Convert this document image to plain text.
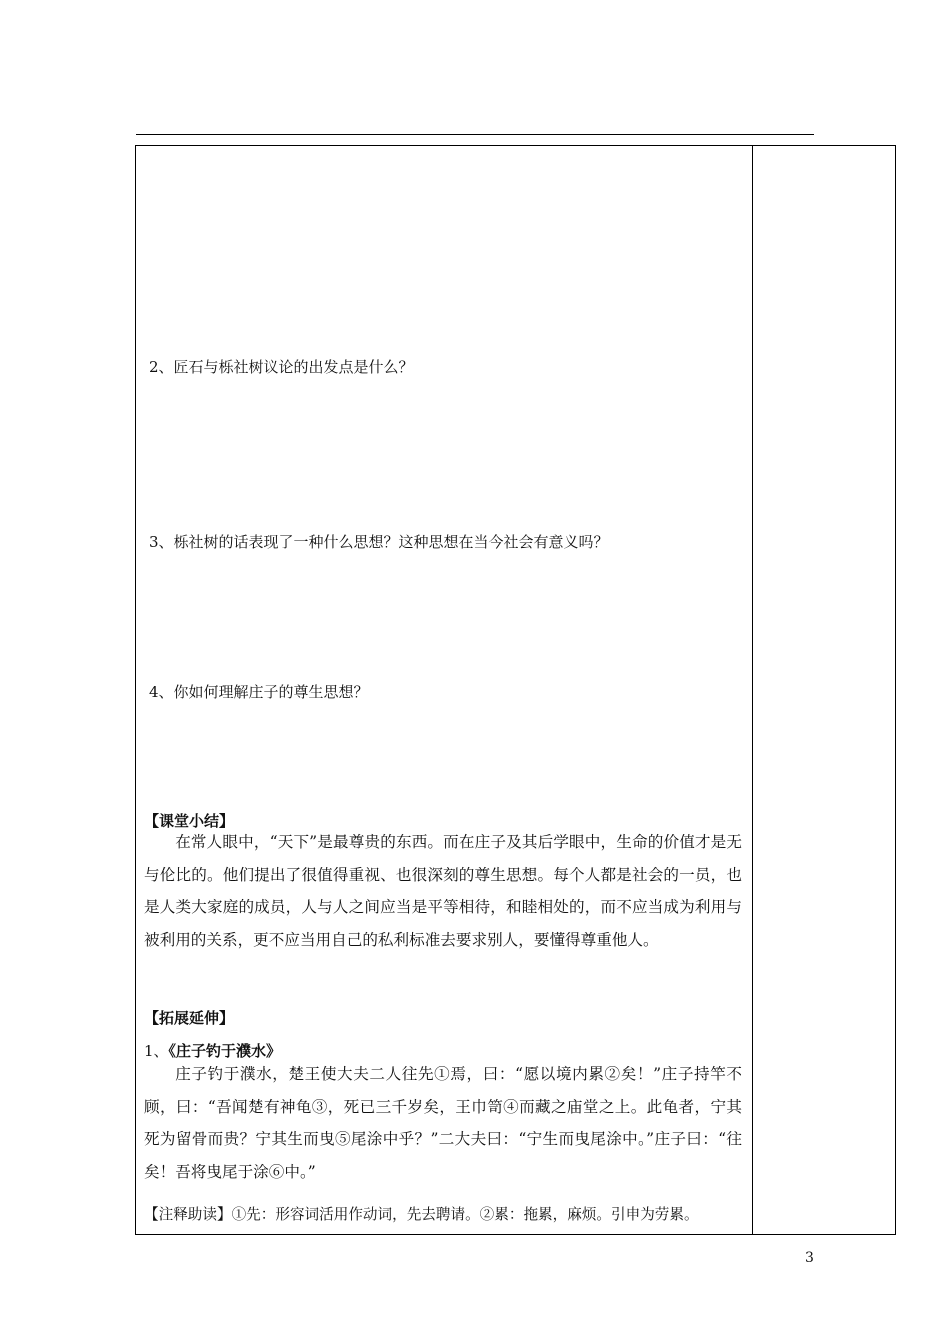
2、匠石与栎社树议论的出发点是什么？
3、栎社树的话表现了一种什么思想？这种思想在当今社会有意义吗？
4、你如何理解庄子的尊生思想？
【课堂小结】
在常人眼中，“天下”是最尊贵的东西。而在庄子及其后学眼中，生命的价值才是无与伦比的。他们提出了很值得重视、也很深刻的尊生思想。每个人都是社会的一员，也是人类大家庭的成员，人与人之间应当是平等相待，和睦相处的，而不应当成为利用与被利用的关系，更不应当用自己的私利标准去要求别人，要懂得尊重他人。
【拓展延伸】
1、《庄子钓于濮水》
庄子钓于濮水，楚王使大夫二人往先①焉，曰：“愿以境内累②矣！”庄子持竿不顾，曰：“吾闻楚有神龟③，死已三千岁矣，王巾笥④而藏之庙堂之上。此龟者，宁其死为留骨而贵？宁其生而曳⑤尾涂中乎？”二大夫曰：“宁生而曳尾涂中。”庄子曰：“往矣！吾将曳尾于涂⑥中。”
【注释助读】①先：形容词活用作动词，先去聘请。②累：拖累，麻烦。引申为劳累。
3
